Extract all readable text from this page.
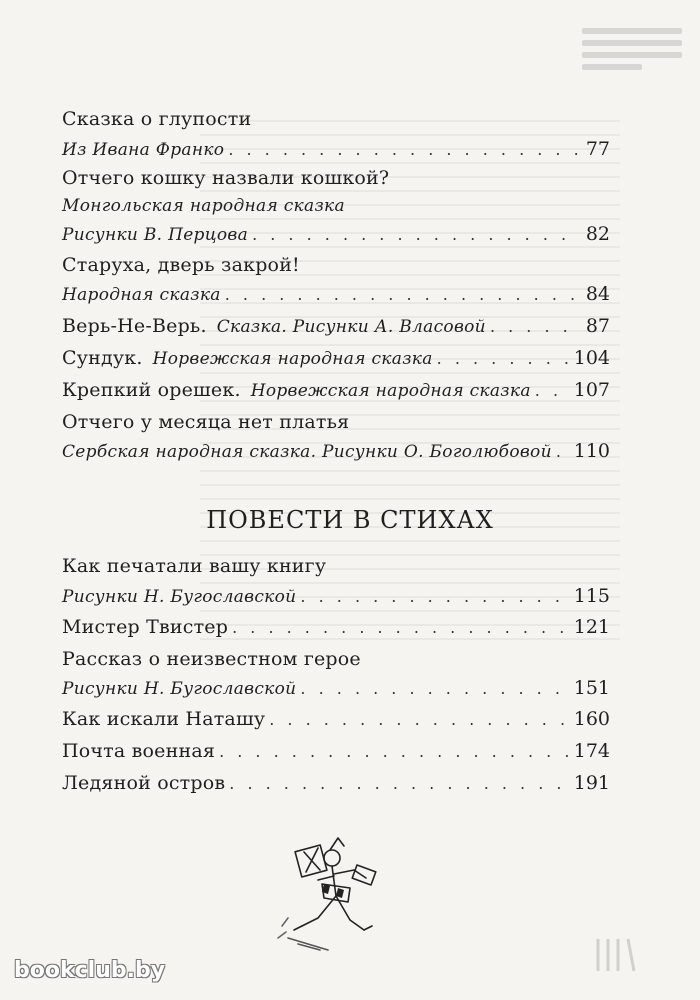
Сказка о глупости
Из Ивана Франко . . .	77
Отчего кошку назвали кошкой?
Монгольская народная сказка
Рисунки В. Перцова . . .	82
Старуха, дверь закрой!
Народная сказка . . .	84
Верь-Не-Верь. Сказка. Рисунки А. Власовой . . .	87
Сундук. Норвежская народная сказка . . .	104
Крепкий орешек. Норвежская народная сказка . . . 107
Отчего у месяца нет платья
Сербская народная сказка. Рисунки О. Боголюбовой . . . 110
Как печатали вашу книгу
Рисунки Н. Бугославской . . .	115
Мистер Твистер . . .	121
Рассказ о неизвестном герое
Рисунки Н. Бугославской . . .	151
Как искали Наташу . . .	160
Почта военная . . .	174
Ледяной остров . . .	191
ПОВЕСТИ В СТИХАХ
bookclub.by
